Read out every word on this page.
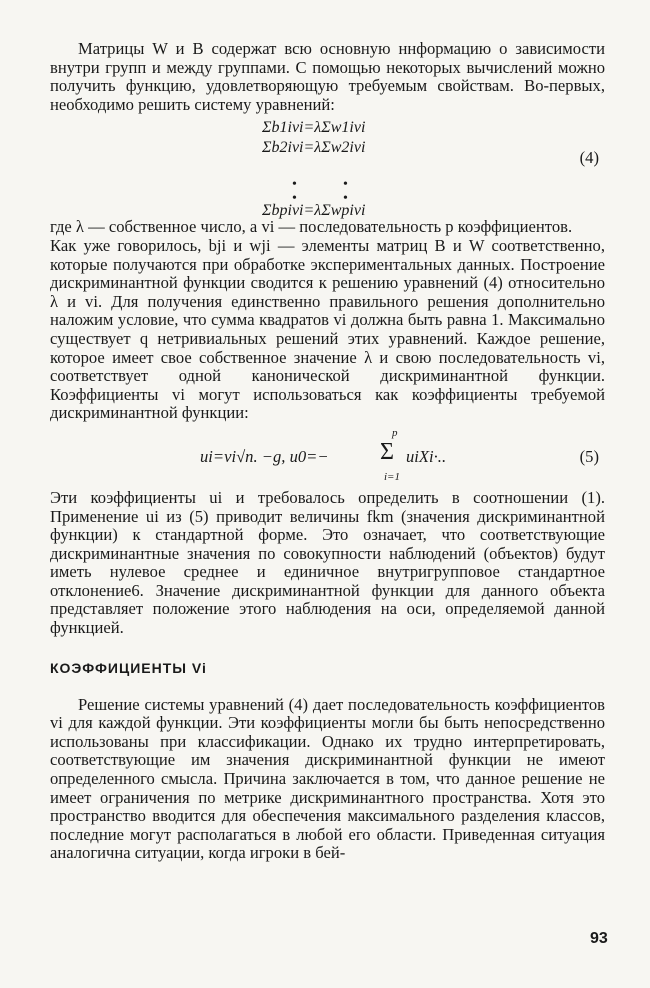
Матрицы W и B содержат всю основную ннформацию о зависимости внутри групп и между группами. С помощью некоторых вычислений можно получить функцию, удовлетворяющую требуемым свойствам. Во-первых, необходимо решить систему уравнений:

Σb1ivi=λΣw1ivi
Σb2ivi=λΣw2ivi
•
•
•
•
Σbpivi=λΣwpivi
(4)

где λ — собственное число, а vi — последовательность p коэффициентов.

Как уже говорилось, bji и wji — элементы матриц B и W соответственно, которые получаются при обработке экспериментальных данных. Построение дискриминантной функции сводится к решению уравнений (4) относительно λ и vi. Для получения единственно правильного решения дополнительно наложим условие, что сумма квадратов vi должна быть равна 1. Максимально существует q нетривиальных решений этих уравнений. Каждое решение, которое имеет свое собственное значение λ и свою последовательность vi, соответствует одной канонической дискриминантной функции. Коэффициенты vi могут использоваться как коэффициенты требуемой дискриминантной функции:

ui=vi√n. −g, u0=−
p
Σ
i=1
uiXi·..	(5)

Эти коэффициенты ui и требовалось определить в соотношении (1). Применение ui из (5) приводит величины fkm (значения дискриминантной функции) к стандартной форме. Это означает, что соответствующие дискриминантные значения по совокупности наблюдений (объектов) будут иметь нулевое среднее и единичное внутригрупповое стандартное отклонение6. Значение дискриминантной функции для данного объекта представляет положение этого наблюдения на оси, определяемой данной функцией.

КОЭФФИЦИЕНТЫ Vi

Решение системы уравнений (4) дает последовательность коэффициентов vi для каждой функции. Эти коэффициенты могли бы быть непосредственно использованы при классификации. Однако их трудно интерпретировать, соответствующие им значения дискриминантной функции не имеют определенного смысла. Причина заключается в том, что данное решение не имеет ограничения по метрике дискриминантного пространства. Хотя это пространство вводится для обеспечения максимального разделения классов, последние могут располагаться в любой его области. Приведенная ситуация аналогична ситуации, когда игроки в бей-

93
